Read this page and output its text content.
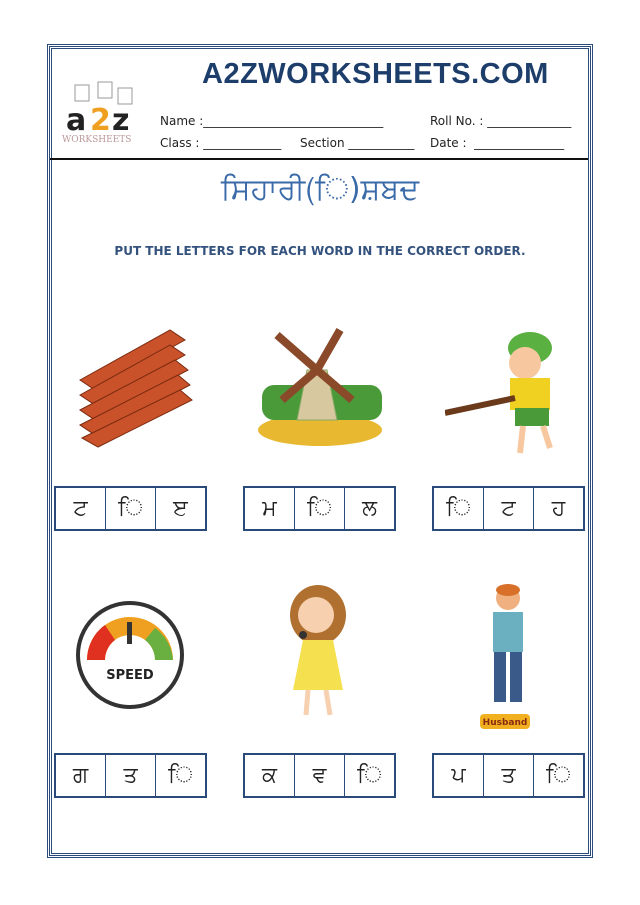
a 2 z
WORKSHEETS
A2ZWORKSHEETS.COM
Name :______________________________	Roll No. : ______________
Class : _____________ Section ___________ Date :  _______________
ਸਿਹਾਰੀ(ਿ)ਸ਼ਬਦ
PUT THE LETTERS FOR EACH WORD IN THE CORRECT ORDER.
SPEED
Husband
ਟ	ਿ	ੲ	ਮ	ਿ	ਲ	ਿ	ਟ	ਹ
ਗ	ਤ	ਿ	ਕ	ਵ	ਿ	ਪ	ਤ	ਿ
